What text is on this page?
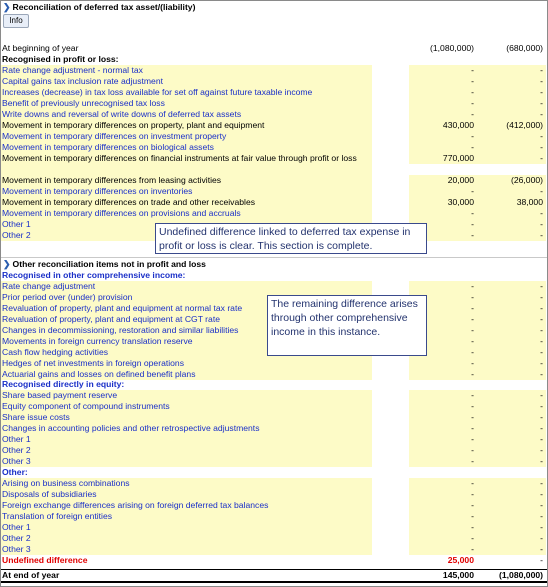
❯ Reconciliation of deferred tax asset/(liability)
Info
At beginning of year	(1,080,000)	(680,000)
Recognised in profit or loss:
Rate change adjustment - normal tax	-	-
Capital gains tax inclusion rate adjustment	-	-
Increases (decrease) in tax loss available for set off against future taxable income	-	-
Benefit of previously unrecognised tax loss	-	-
Write downs and reversal of write downs of deferred tax assets	-	-
Movement in temporary differences on property, plant and equipment	430,000	(412,000)
Movement in temporary differences on investment property	-	-
Movement in temporary differences on biological assets	-	-
Movement in temporary differences on financial instruments at fair value through profit or loss	770,000	-
Movement in temporary differences from leasing activities	20,000	(26,000)
Movement in temporary differences on inventories	-	-
Movement in temporary differences on trade and other receivables	30,000	38,000
Movement in temporary differences on provisions and accruals	-	-
Other 1	-	-
Other 2	-	-
Undefined difference linked to deferred tax expense in profit or loss is clear. This section is complete.
❯ Other reconciliation items not in profit and loss
Recognised in other comprehensive income:
Rate change adjustment	-	-
Prior period over (under) provision	-	-
Revaluation of property, plant and equipment at normal tax rate	-	-
Revaluation of property, plant and equipment at CGT rate	-	-
Changes in decommissioning, restoration and similar liabilities	-	-
Movements in foreign currency translation reserve	-	-
Cash flow hedging activities	-	-
Hedges of net investments in foreign operations	-	-
Actuarial gains and losses on defined benefit plans	-	-
The remaining difference arises through other comprehensive income in this instance.
Recognised directly in equity:
Share based payment reserve	-	-
Equity component of compound instruments	-	-
Share issue costs	-	-
Changes in accounting policies and other retrospective adjustments	-	-
Other 1	-	-
Other 2	-	-
Other 3	-	-
Other:
Arising on business combinations	-	-
Disposals of subsidiaries	-	-
Foreign exchange differences arising on foreign deferred tax balances	-	-
Translation of foreign entities	-	-
Other 1	-	-
Other 2	-	-
Other 3	-	-
Undefined difference	25,000	-
At end of year	145,000	(1,080,000)
